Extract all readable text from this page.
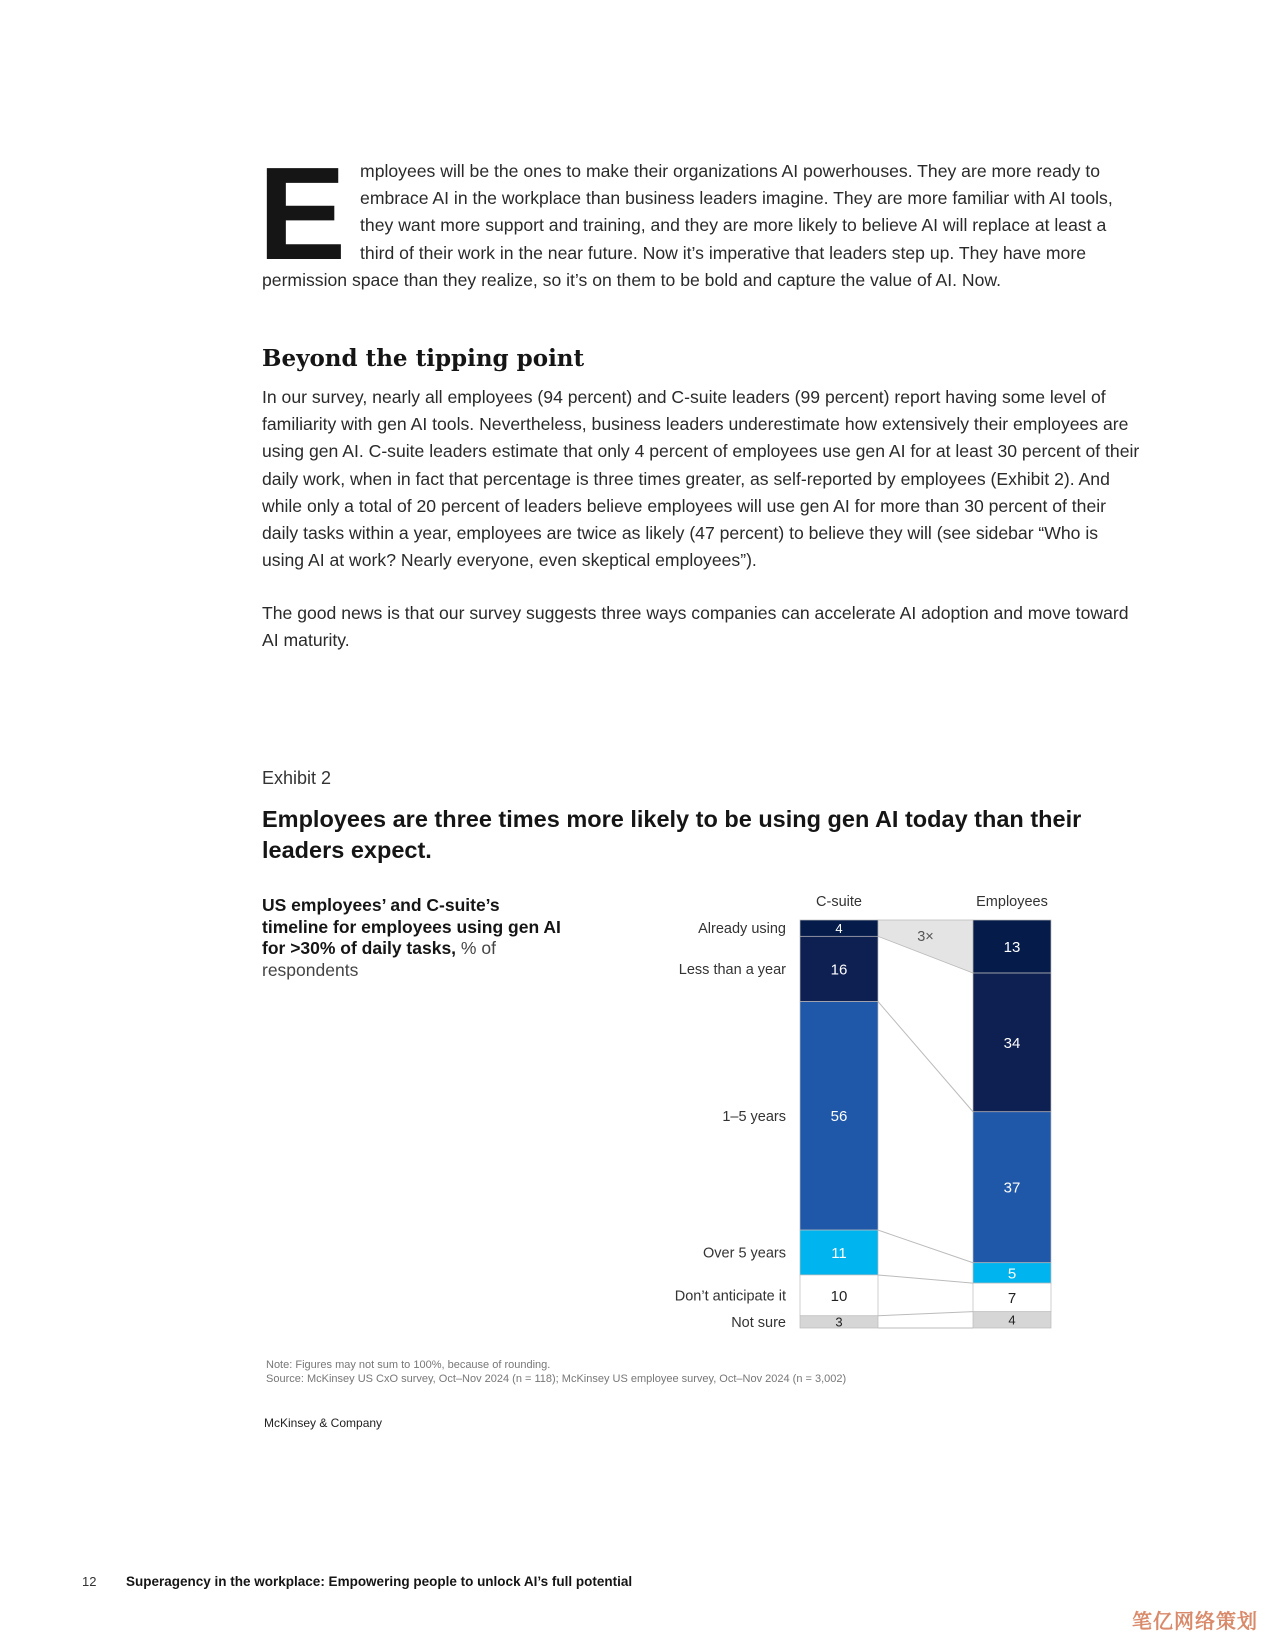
E mployees will be the ones to make their organizations AI powerhouses. They are more ready to embrace AI in the workplace than business leaders imagine. They are more familiar with AI tools, they want more support and training, and they are more likely to believe AI will replace at least a third of their work in the near future. Now it’s imperative that leaders step up. They have more permission space than they realize, so it’s on them to be bold and capture the value of AI. Now.
Beyond the tipping point

In our survey, nearly all employees (94 percent) and C-suite leaders (99 percent) report having some level of familiarity with gen AI tools. Nevertheless, business leaders underestimate how extensively their employees are using gen AI. C-suite leaders estimate that only 4 percent of employees use gen AI for at least 30 percent of their daily work, when in fact that percentage is three times greater, as self-reported by employees (Exhibit 2). And while only a total of 20 percent of leaders believe employees will use gen AI for more than 30 percent of their daily tasks within a year, employees are twice as likely (47 percent) to believe they will (see sidebar “Who is using AI at work? Nearly everyone, even skeptical employees”).

The good news is that our survey suggests three ways companies can accelerate AI adoption and move toward AI maturity.

Exhibit 2
Employees are three times more likely to be using gen AI today than their leaders expect.
US employees’ and C-suite’s timeline for employees using gen AI for >30% of daily tasks, % of respondents
4
16
56
11
10
3
C-suite
13
34
37
5
7
4
Employees
Already using
Less than a year
1–5 years
Over 5 years
Don’t anticipate it
Not sure
3×
Note: Figures may not sum to 100%, because of rounding.
Source: McKinsey US CxO survey, Oct–Nov 2024 (n = 118); McKinsey US employee survey, Oct–Nov 2024 (n = 3,002)
McKinsey & Company
12 Superagency in the workplace: Empowering people to unlock AI’s full potential
笔亿网络策划
